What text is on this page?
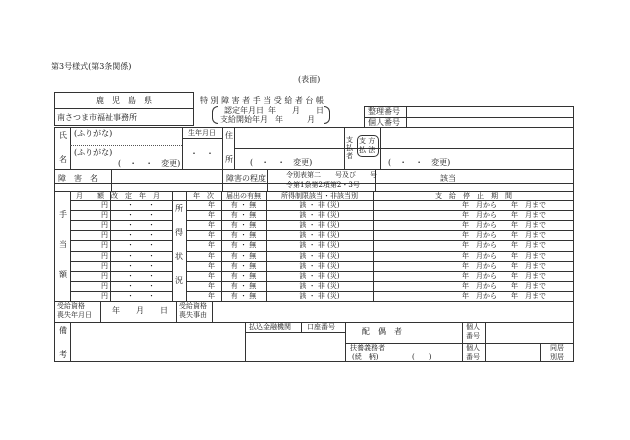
第3号様式(第3条関係)
(表面)
鹿　児　島　県
南さつま市福祉事務所
特 別 障 害 者 手 当 受 給 者 台 帳
認定年月日 年　　月　　日
支給開始年月 年　　　月
整理番号
個人番号
氏
名
(ふりがな)
(ふりがな)
(　・　・　変更)
生年月日
・　・
住
所 (　・　・　変更)
支払者
支 方
払 法
(　・　・　変更)
障　害　名	障害の程度	令別表第二　　号及び　　号
令第1条第2項第2・3号
該当
月　　額　改　定　年　月	年　次	届出の有無	所得制限該当・非該当別	支　給　停　止　期　間
手
当
額
所
得
状
況
円	・　　・	年	有 ・ 無	該 ・ 非 (災)	年　月から　　年　月まで
円	・　　・	年	有 ・ 無	該 ・ 非 (災)	年　月から　　年　月まで
円	・　　・	年	有 ・ 無	該 ・ 非 (災)	年　月から　　年　月まで
円	・　　・	年	有 ・ 無	該 ・ 非 (災)	年　月から　　年　月まで
円	・　　・	年	有 ・ 無	該 ・ 非 (災)	年　月から　　年　月まで
円	・　　・	年	有 ・ 無	該 ・ 非 (災)	年　月から　　年　月まで
円	・　　・	年	有 ・ 無	該 ・ 非 (災)	年　月から　　年　月まで
円	・　　・	年	有 ・ 無	該 ・ 非 (災)	年　月から　　年　月まで
円	・　　・	年	有 ・ 無	該 ・ 非 (災)	年　月から　　年　月まで
円	・　　・	年	有 ・ 無	該 ・ 非 (災)	年　月から　　年　月まで
受給資格
喪失年月日	年　　月　　日 受給資格
喪失事由
備
考
払込金融機関 口座番号	配　偶　者	個人
番号
扶養義務者
(続　柄)	(　　)
個人
番号
同居
別居
